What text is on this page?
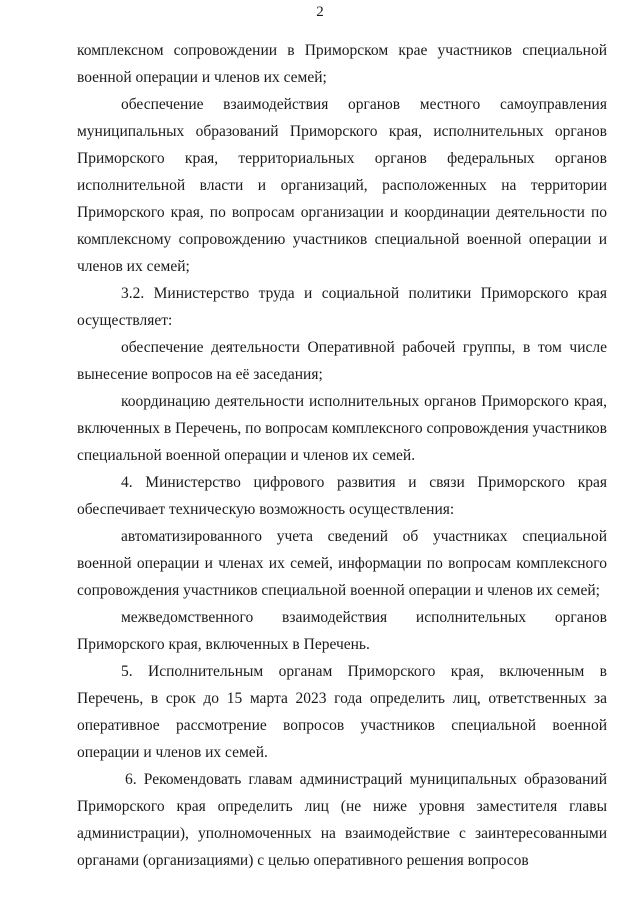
2

комплексном сопровождении в Приморском крае участников специальной военной операции и членов их семей;

обеспечение взаимодействия органов местного самоуправления муниципальных образований Приморского края, исполнительных органов Приморского края, территориальных органов федеральных органов исполнительной власти и организаций, расположенных на территории Приморского края, по вопросам организации и координации деятельности по комплексному сопровождению участников специальной военной операции и членов их семей;

3.2. Министерство труда и социальной политики Приморского края осуществляет:

обеспечение деятельности Оперативной рабочей группы, в том числе вынесение вопросов на её заседания;

координацию деятельности исполнительных органов Приморского края, включенных в Перечень, по вопросам комплексного сопровождения участников специальной военной операции и членов их семей.

4. Министерство цифрового развития и связи Приморского края обеспечивает техническую возможность осуществления:

автоматизированного учета сведений об участниках специальной военной операции и членах их семей, информации по вопросам комплексного сопровождения участников специальной военной операции и членов их семей;

межведомственного взаимодействия исполнительных органов Приморского края, включенных в Перечень.

5. Исполнительным органам Приморского края, включенным в Перечень, в срок до 15 марта 2023 года определить лиц, ответственных за оперативное рассмотрение вопросов участников специальной военной операции и членов их семей.

6. Рекомендовать главам администраций муниципальных образований Приморского края определить лиц (не ниже уровня заместителя главы администрации), уполномоченных на взаимодействие с заинтересованными органами (организациями) с целью оперативного решения вопросов
